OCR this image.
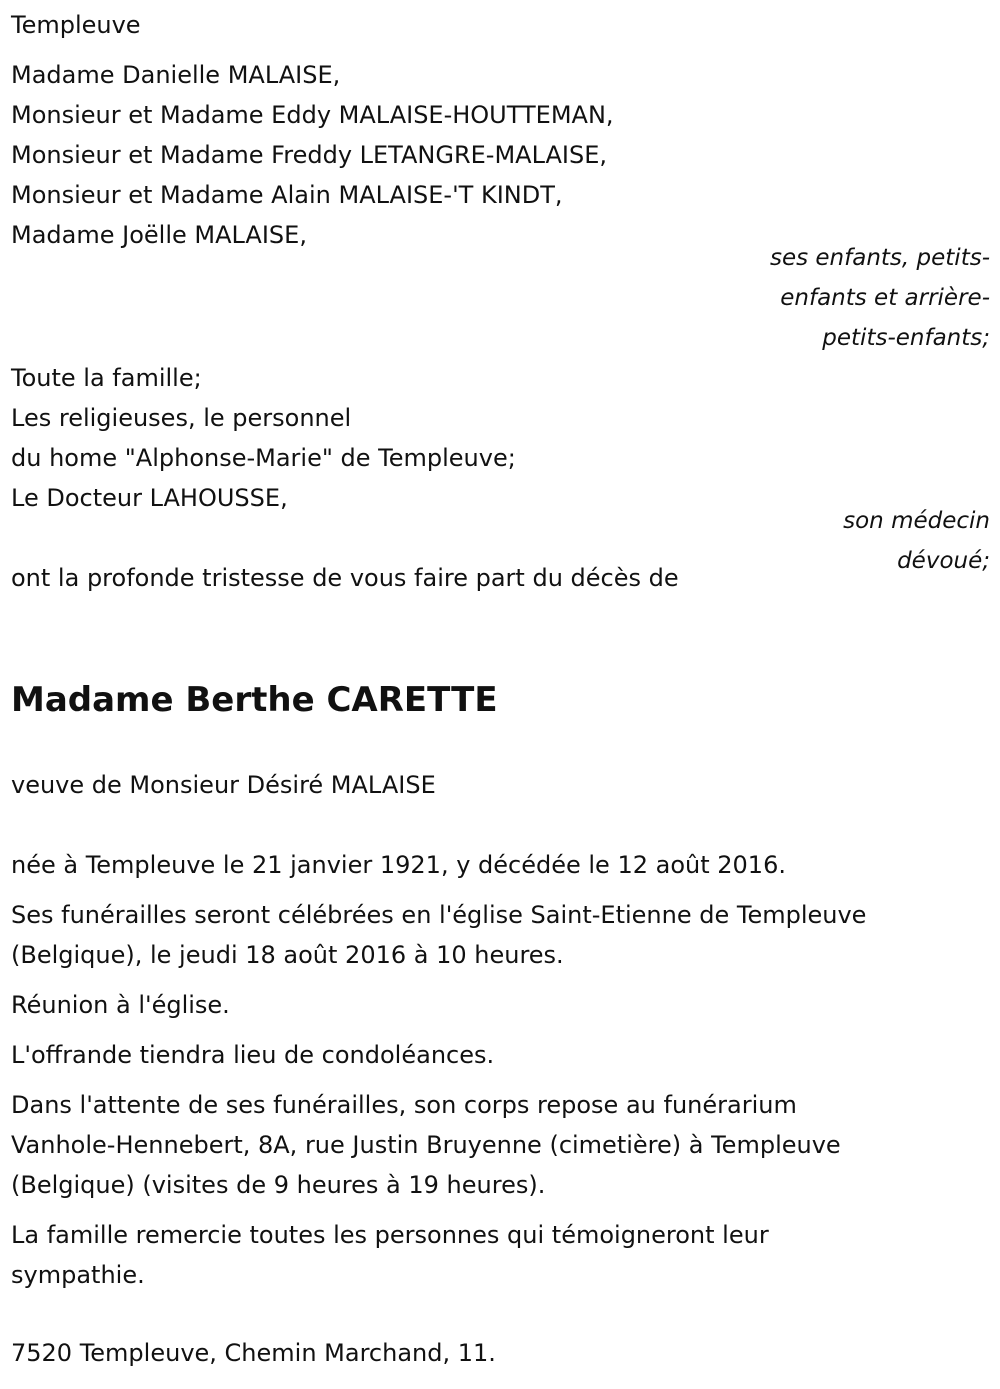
Templeuve
Madame Danielle MALAISE,
Monsieur et Madame Eddy MALAISE-HOUTTEMAN,
Monsieur et Madame Freddy LETANGRE-MALAISE,
Monsieur et Madame Alain MALAISE-'T KINDT,
Madame Joëlle MALAISE,
ses enfants, petits-
enfants et arrière-
petits-enfants;
Toute la famille;
Les religieuses, le personnel
du home "Alphonse-Marie" de Templeuve;
Le Docteur LAHOUSSE,
son médecin
dévoué;

ont la profonde tristesse de vous faire part du décès de

Madame Berthe CARETTE
veuve de Monsieur Désiré MALAISE

née à Templeuve le 21 janvier 1921, y décédée le 12 août 2016.

Ses funérailles seront célébrées en l'église Saint-Etienne de Templeuve
(Belgique), le jeudi 18 août 2016 à 10 heures.

Réunion à l'église.

L'offrande tiendra lieu de condoléances.

Dans l'attente de ses funérailles, son corps repose au funérarium
Vanhole-Hennebert, 8A, rue Justin Bruyenne (cimetière) à Templeuve
(Belgique) (visites de 9 heures à 19 heures).

La famille remercie toutes les personnes qui témoigneront leur
sympathie.

7520 Templeuve, Chemin Marchand, 11.
